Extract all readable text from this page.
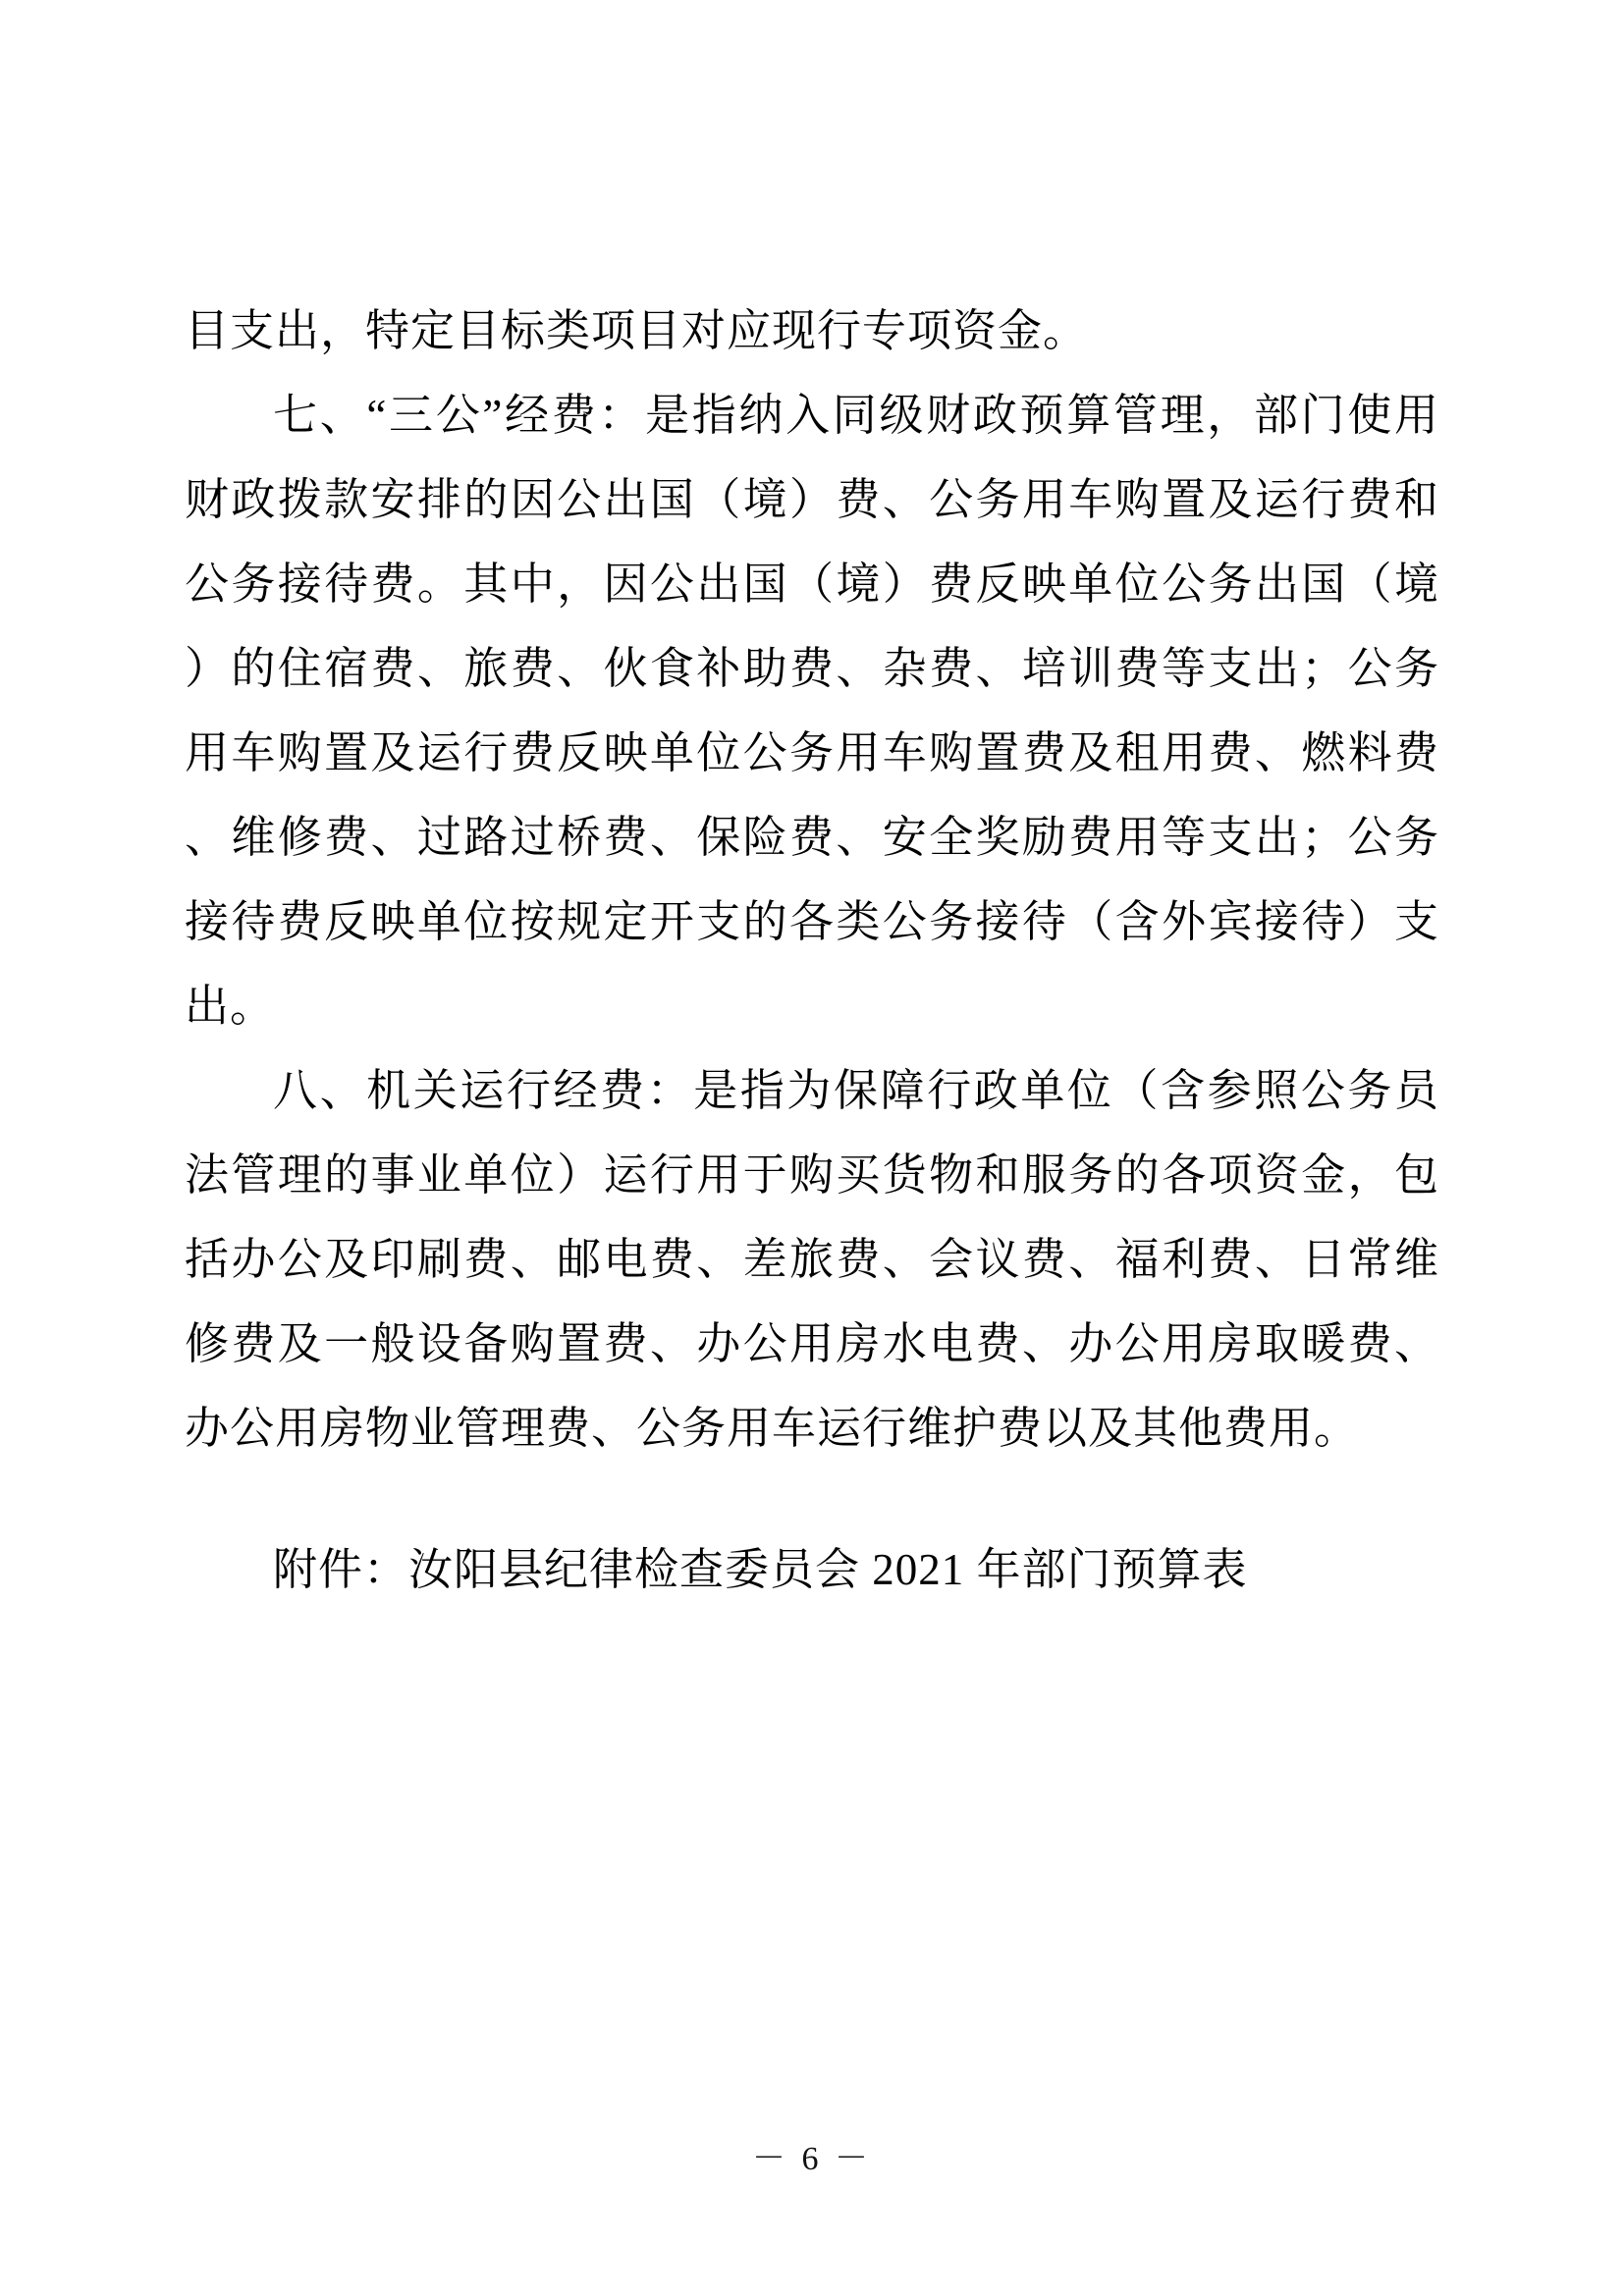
目支出，特定目标类项目对应现行专项资金。
七、“三公”经费：是指纳入同级财政预算管理，部门使用
财政拨款安排的因公出国（境）费、公务用车购置及运行费和
公务接待费。其中，因公出国（境）费反映单位公务出国（境
）的住宿费、旅费、伙食补助费、杂费、培训费等支出；公务
用车购置及运行费反映单位公务用车购置费及租用费、燃料费
、维修费、过路过桥费、保险费、安全奖励费用等支出；公务
接待费反映单位按规定开支的各类公务接待（含外宾接待）支
出。
八、机关运行经费：是指为保障行政单位（含参照公务员
法管理的事业单位）运行用于购买货物和服务的各项资金，包
括办公及印刷费、邮电费、差旅费、会议费、福利费、日常维
修费及一般设备购置费、办公用房水电费、办公用房取暖费、
办公用房物业管理费、公务用车运行维护费以及其他费用。
附件：汝阳县纪律检查委员会 2021 年部门预算表
－ 6 －
